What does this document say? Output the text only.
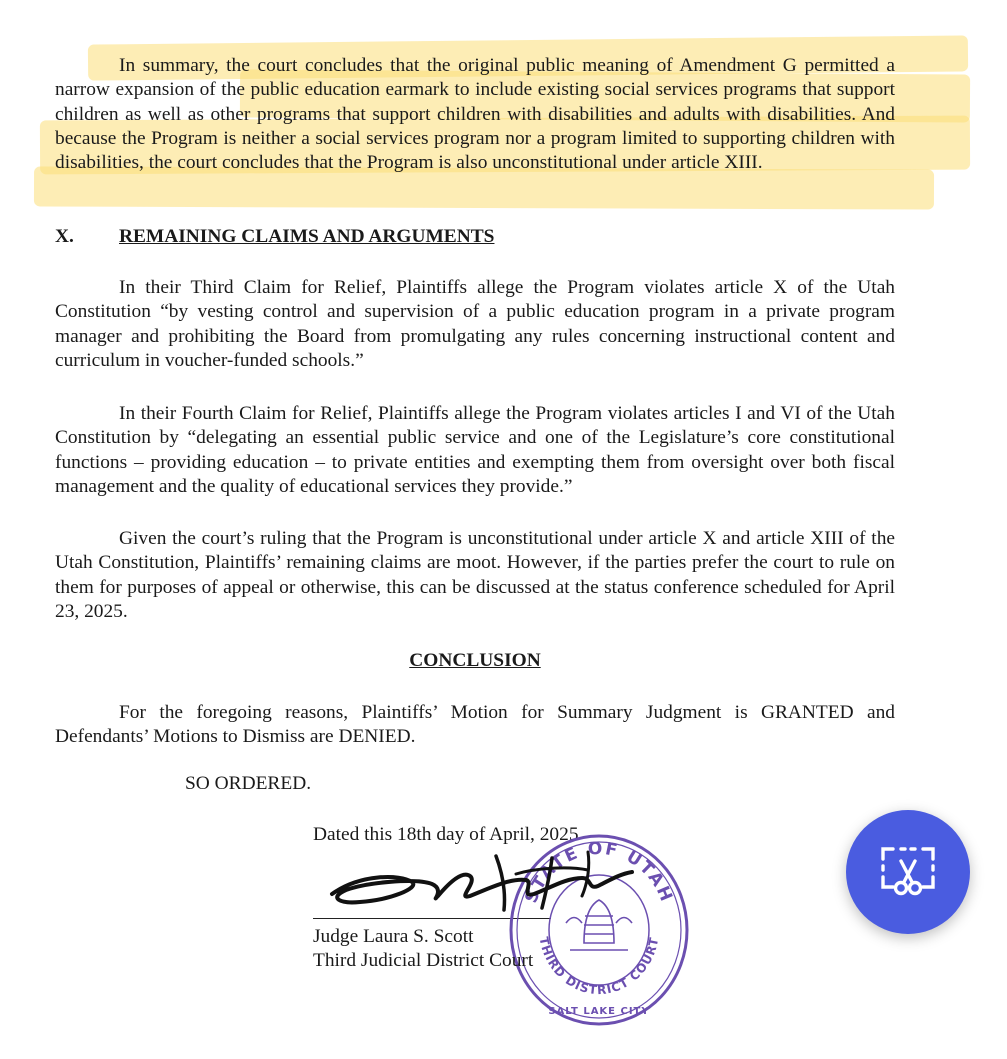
In summary, the court concludes that the original public meaning of Amendment G permitted a narrow expansion of the public education earmark to include existing social services programs that support children as well as other programs that support children with disabilities and adults with disabilities. And because the Program is neither a social services program nor a program limited to supporting children with disabilities, the court concludes that the Program is also unconstitutional under article XIII.

X. REMAINING CLAIMS AND ARGUMENTS

In their Third Claim for Relief, Plaintiffs allege the Program violates article X of the Utah Constitution “by vesting control and supervision of a public education program in a private program manager and prohibiting the Board from promulgating any rules concerning instructional content and curriculum in voucher-funded schools.”

In their Fourth Claim for Relief, Plaintiffs allege the Program violates articles I and VI of the Utah Constitution by “delegating an essential public service and one of the Legislature’s core constitutional functions – providing education – to private entities and exempting them from oversight over both fiscal management and the quality of educational services they provide.”

Given the court’s ruling that the Program is unconstitutional under article X and article XIII of the Utah Constitution, Plaintiffs’ remaining claims are moot. However, if the parties prefer the court to rule on them for purposes of appeal or otherwise, this can be discussed at the status conference scheduled for April 23, 2025.

CONCLUSION

For the foregoing reasons, Plaintiffs’ Motion for Summary Judgment is GRANTED and Defendants’ Motions to Dismiss are DENIED.

SO ORDERED.
Dated this 18th day of April, 2025
STATE OF UTAH
THIRD DISTRICT COURT
SALT LAKE CITY
Judge Laura S. Scott
Third Judicial District Court
